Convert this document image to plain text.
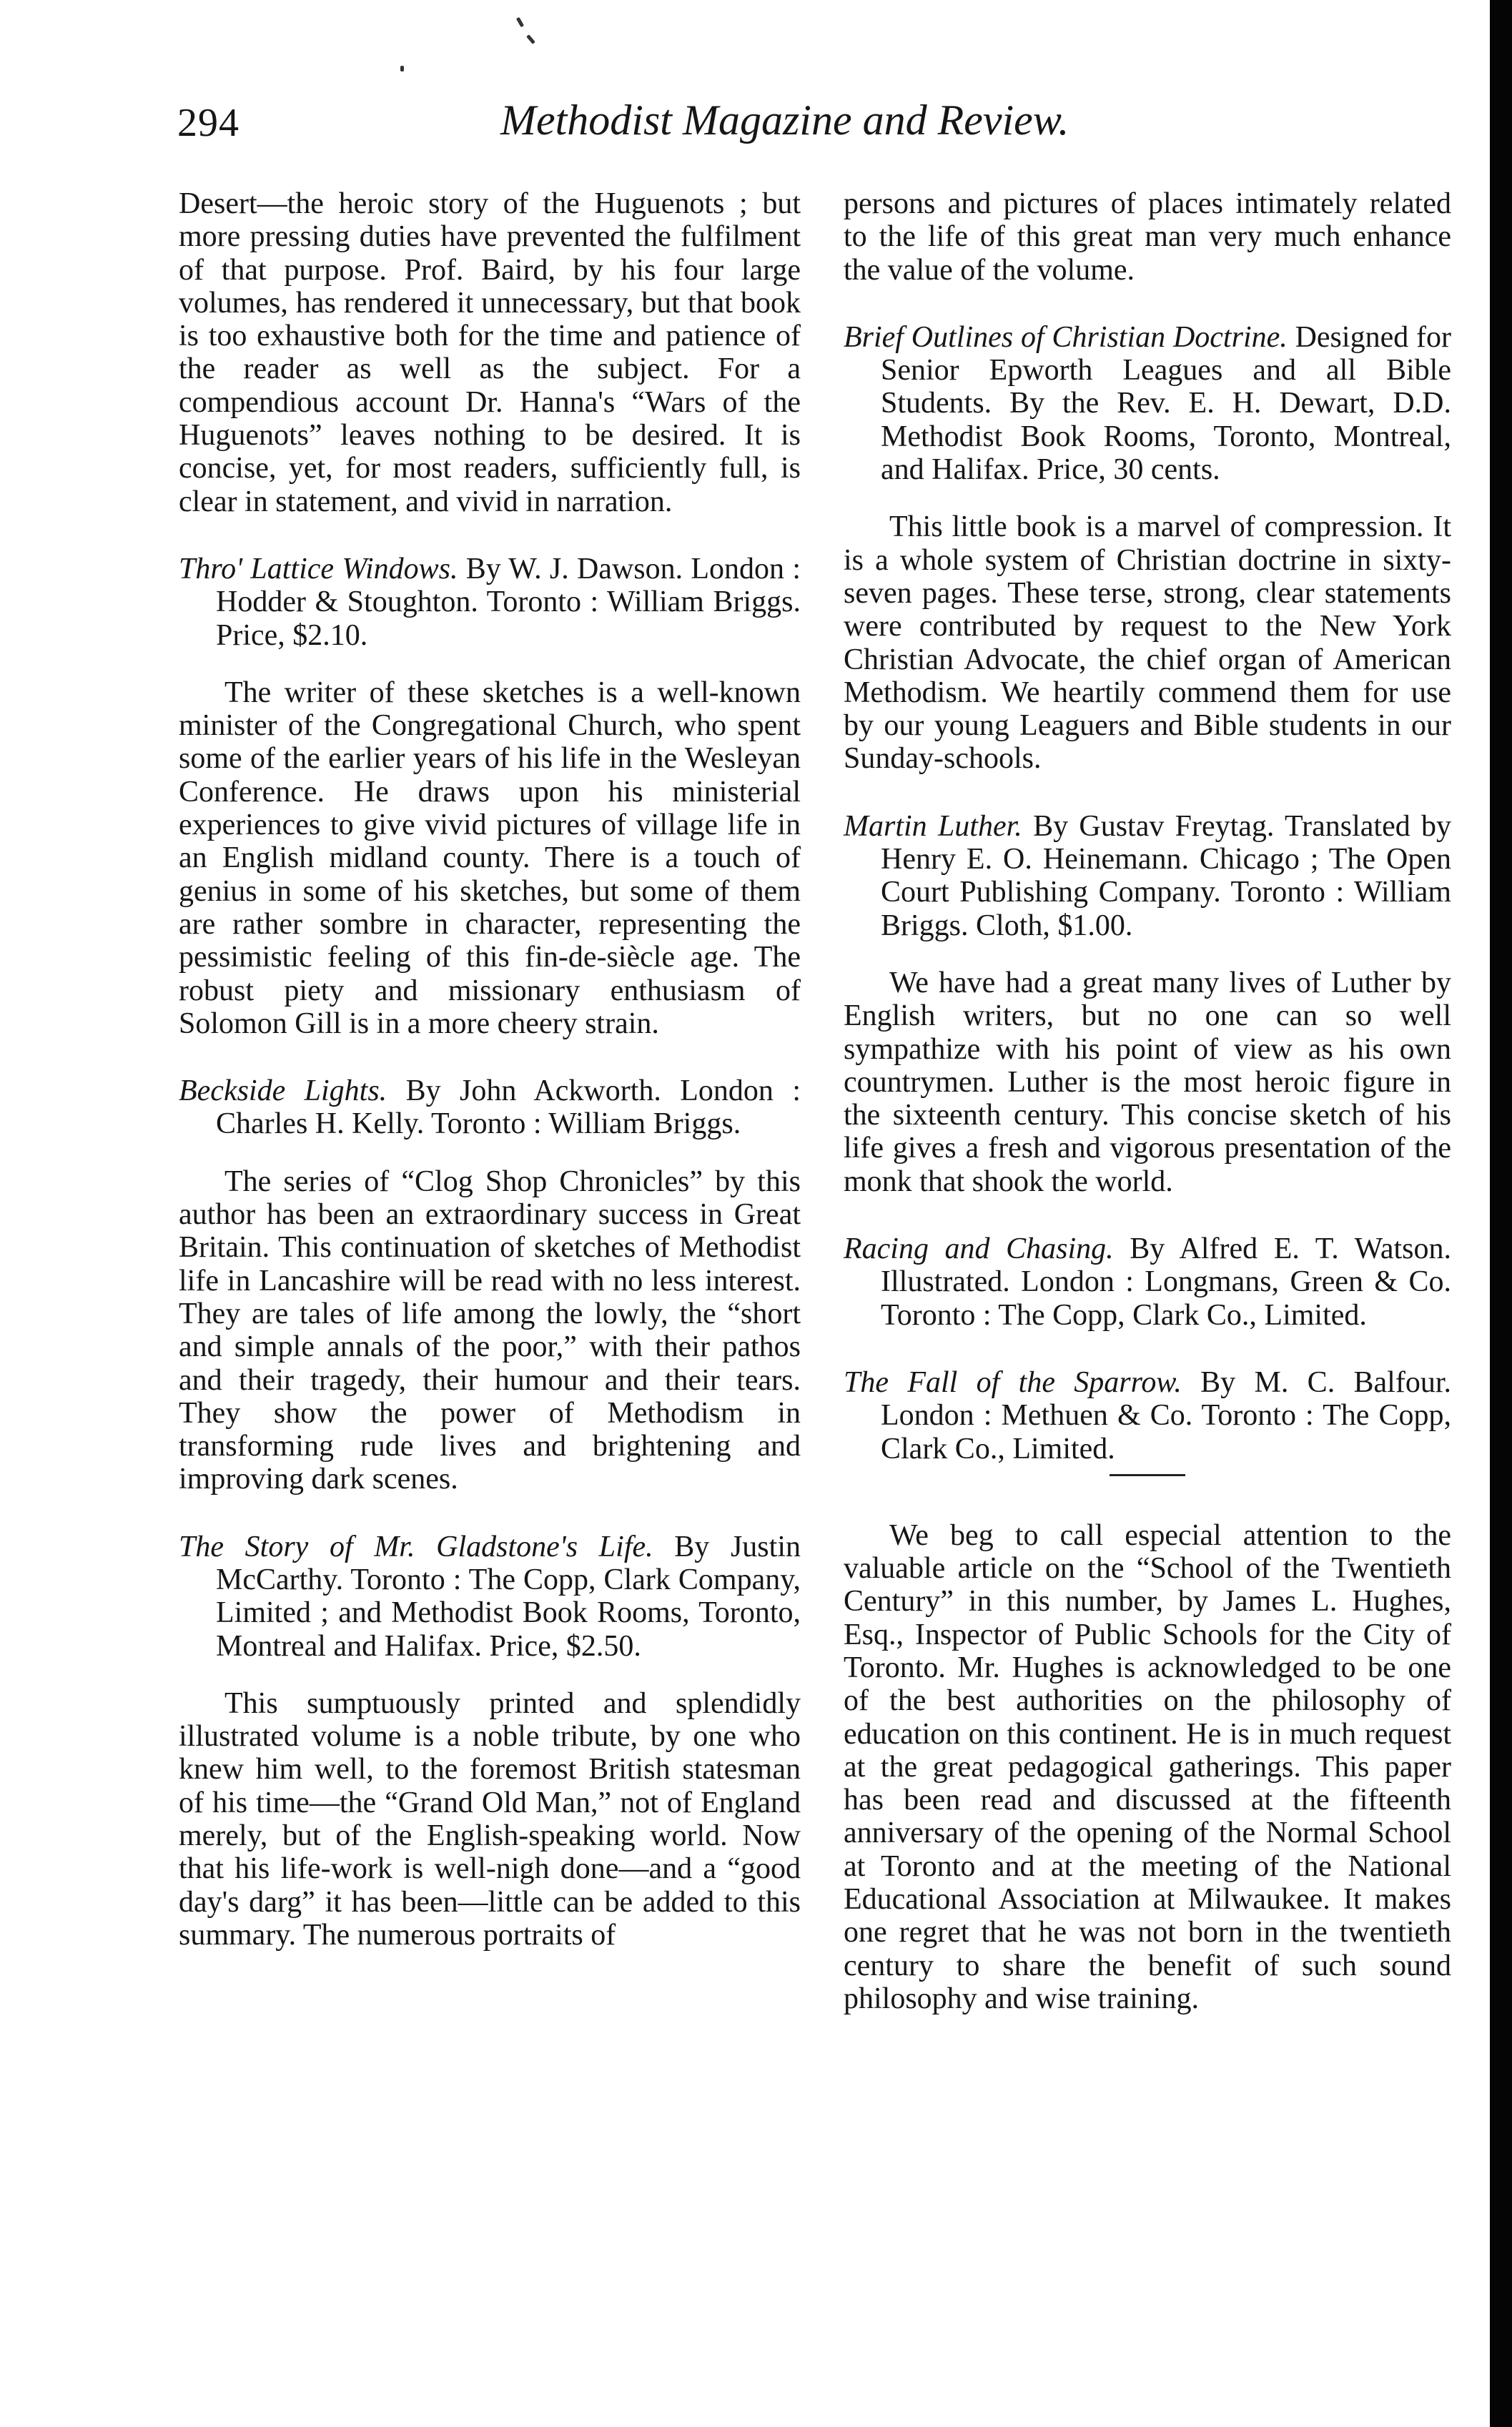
294	Methodist Magazine and Review.

Desert—the heroic story of the Huguenots ; but more pressing duties have prevented the fulfilment of that purpose. Prof. Baird, by his four large volumes, has rendered it unnecessary, but that book is too exhaustive both for the time and patience of the reader as well as the subject. For a compendious account Dr. Hanna's “Wars of the Huguenots” leaves nothing to be desired. It is concise, yet, for most readers, sufficiently full, is clear in statement, and vivid in narration.

Thro' Lattice Windows. By W. J. Dawson. London : Hodder & Stoughton. Toronto : William Briggs. Price, $2.10.

The writer of these sketches is a well-known minister of the Congregational Church, who spent some of the earlier years of his life in the Wesleyan Conference. He draws upon his ministerial experiences to give vivid pictures of village life in an English midland county. There is a touch of genius in some of his sketches, but some of them are rather sombre in character, representing the pessimistic feeling of this fin-de-siècle age. The robust piety and missionary enthusiasm of Solomon Gill is in a more cheery strain.

Beckside Lights. By John Ackworth. London : Charles H. Kelly. Toronto : William Briggs.

The series of “Clog Shop Chronicles” by this author has been an extraordinary success in Great Britain. This continuation of sketches of Methodist life in Lancashire will be read with no less interest. They are tales of life among the lowly, the “short and simple annals of the poor,” with their pathos and their tragedy, their humour and their tears. They show the power of Methodism in transforming rude lives and brightening and improving dark scenes.

The Story of Mr. Gladstone's Life. By Justin McCarthy. Toronto : The Copp, Clark Company, Limited ; and Methodist Book Rooms, Toronto, Montreal and Halifax. Price, $2.50.

This sumptuously printed and splendidly illustrated volume is a noble tribute, by one who knew him well, to the foremost British statesman of his time—the “Grand Old Man,” not of England merely, but of the English-speaking world. Now that his life-work is well-nigh done—and a “good day's darg” it has been—little can be added to this summary. The numerous portraits of

persons and pictures of places intimately related to the life of this great man very much enhance the value of the volume.

Brief Outlines of Christian Doctrine. Designed for Senior Epworth Leagues and all Bible Students. By the Rev. E. H. Dewart, D.D. Methodist Book Rooms, Toronto, Montreal, and Halifax. Price, 30 cents.

This little book is a marvel of compression. It is a whole system of Christian doctrine in sixty-seven pages. These terse, strong, clear statements were contributed by request to the New York Christian Advocate, the chief organ of American Methodism. We heartily commend them for use by our young Leaguers and Bible students in our Sunday-schools.

Martin Luther. By Gustav Freytag. Translated by Henry E. O. Heinemann. Chicago ; The Open Court Publishing Company. Toronto : William Briggs. Cloth, $1.00.

We have had a great many lives of Luther by English writers, but no one can so well sympathize with his point of view as his own countrymen. Luther is the most heroic figure in the sixteenth century. This concise sketch of his life gives a fresh and vigorous presentation of the monk that shook the world.

Racing and Chasing. By Alfred E. T. Watson. Illustrated. London : Longmans, Green & Co. Toronto : The Copp, Clark Co., Limited.

The Fall of the Sparrow. By M. C. Balfour. London : Methuen & Co. Toronto : The Copp, Clark Co., Limited.

We beg to call especial attention to the valuable article on the “School of the Twentieth Century” in this number, by James L. Hughes, Esq., Inspector of Public Schools for the City of Toronto. Mr. Hughes is acknowledged to be one of the best authorities on the philosophy of education on this continent. He is in much request at the great pedagogical gatherings. This paper has been read and discussed at the fifteenth anniversary of the opening of the Normal School at Toronto and at the meeting of the National Educational Association at Milwaukee. It makes one regret that he was not born in the twentieth century to share the benefit of such sound philosophy and wise training.
